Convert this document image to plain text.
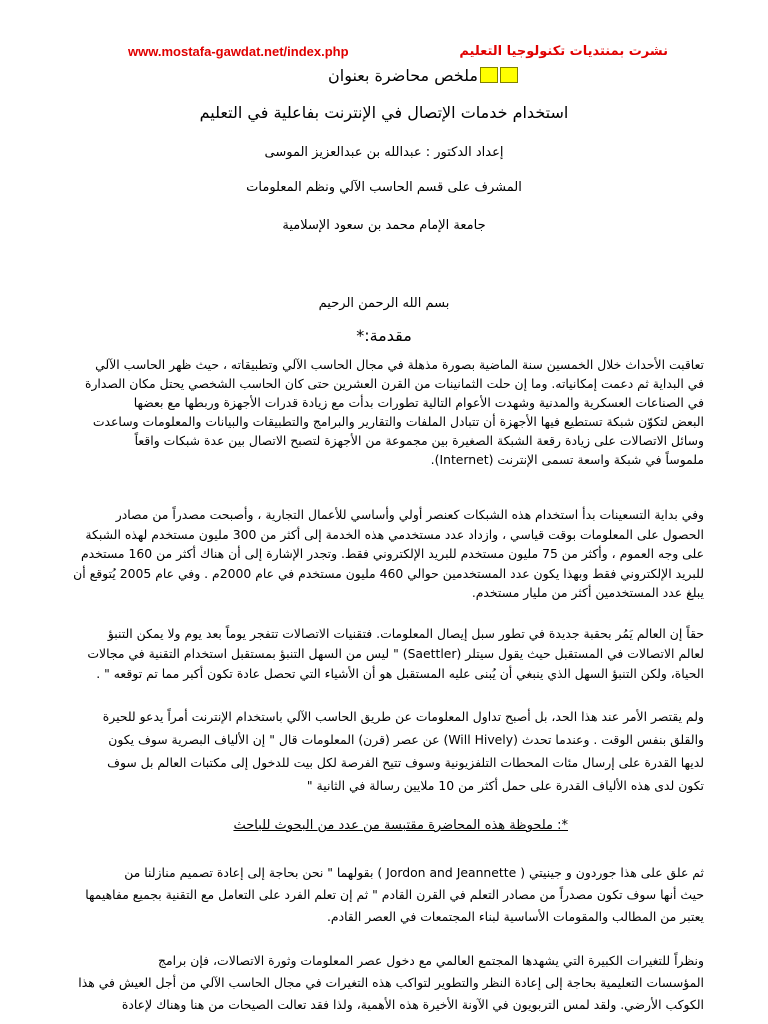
www.mostafa-gawdat.net/index.php	نشرت بمنتديات تكنولوجيا التعليم
ملخص محاضرة بعنوان
استخدام خدمات الإتصال في الإنترنت بفاعلية في التعليم
إعداد الدكتور : عبدالله بن عبدالعزيز الموسى
المشرف على قسم الحاسب الآلي ونظم المعلومات
جامعة الإمام محمد بن سعود الإسلامية
بسم الله الرحمن الرحيم
مقدمة:*
تعاقبت الأحداث خلال الخمسين سنة الماضية بصورة مذهلة في مجال الحاسب الآلي وتطبيقاته ، حيث ظهر الحاسب الآلي
في البداية ثم دعمت إمكانياته. وما إن حلت الثمانينات من القرن العشرين حتى كان الحاسب الشخصي يحتل مكان الصدارة
في الصناعات العسكرية والمدنية وشهدت الأعوام التالية تطورات بدأت مع زيادة قدرات الأجهزة وربطها مع بعضها
البعض لتكوّن شبكة تستطيع فيها الأجهزة أن تتبادل الملفات والتقارير والبرامج والتطبيقات والبيانات والمعلومات وساعدت
وسائل الاتصالات على زيادة رقعة الشبكة الصغيرة بين مجموعة من الأجهزة لتصبح الاتصال بين عدة شبكات واقعاً
ملموساً في شبكة واسعة تسمى الإنترنت (Internet).
وفي بداية التسعينات بدأ استخدام هذه الشبكات كعنصر أولي وأساسي للأعمال التجارية ، وأصبحت مصدراً من مصادر
الحصول على المعلومات بوقت قياسي ، وازداد عدد مستخدمي هذه الخدمة إلى أكثر من 300 مليون مستخدم لهذه الشبكة
على وجه العموم ، وأكثر من 75 مليون مستخدم للبريد الإلكتروني فقط. وتجدر الإشارة إلى أن هناك أكثر من 160 مستخدم
للبريد الإلكتروني فقط وبهذا يكون عدد المستخدمين حوالي 460 مليون مستخدم في عام 2000م . وفي عام 2005 يُتوقع أن
يبلغ عدد المستخدمين أكثر من مليار مستخدم.
حقاً إن العالم يَمُر بحقبة جديدة في تطور سبل إيصال المعلومات. فتقنيات الاتصالات تتفجر يوماً بعد يوم ولا يمكن التنبؤ
لعالم الاتصالات في المستقبل حيث يقول سيتلر (Saettler) " ليس من السهل التنبؤ بمستقبل استخدام التقنية في مجالات
الحياة، ولكن التنبؤ السهل الذي ينبغي أن يُبنى عليه المستقبل هو أن الأشياء التي تحصل عادة تكون أكبر مما تم توقعه " .
ولم يقتصر الأمر عند هذا الحد، بل أصبح تداول المعلومات عن طريق الحاسب الآلي باستخدام الإنترنت أمراً يدعو للحيرة
والقلق بنفس الوقت . وعندما تحدث (Will Hively) عن عصر (قرن) المعلومات قال " إن الألياف البصرية سوف يكون
لديها القدرة على إرسال مئات المحطات التلفزيونية وسوف تتيح الفرصة لكل بيت للدخول إلى مكتبات العالم بل سوف
تكون لدى هذه الألياف القدرة على حمل أكثر من 10 ملايين رسالة في الثانية "
*: ملحوظة هذه المحاضرة مقتبسة من عدد من البحوث للباحث
ثم علق على هذا جوردون و جينيتي ( Jordon and Jeannette ) بقولهما " نحن بحاجة إلى إعادة تصميم منازلنا من
حيث أنها سوف تكون مصدراً من مصادر التعلم في القرن القادم " ثم إن تعلم الفرد على التعامل مع التقنية بجميع مفاهيمها
يعتبر من المطالب والمقومات الأساسية لبناء المجتمعات في العصر القادم.
ونظراً للتغيرات الكبيرة التي يشهدها المجتمع العالمي مع دخول عصر المعلومات وثورة الاتصالات، فإن برامج
المؤسسات التعليمية بحاجة إلى إعادة النظر والتطوير لتواكب هذه التغيرات في مجال الحاسب الآلي من أجل العيش في هذا
الكوكب الأرضي. ولقد لمس التربويون في الآونة الأخيرة هذه الأهمية، ولذا فقد تعالت الصيحات من هنا وهناك لإعادة
